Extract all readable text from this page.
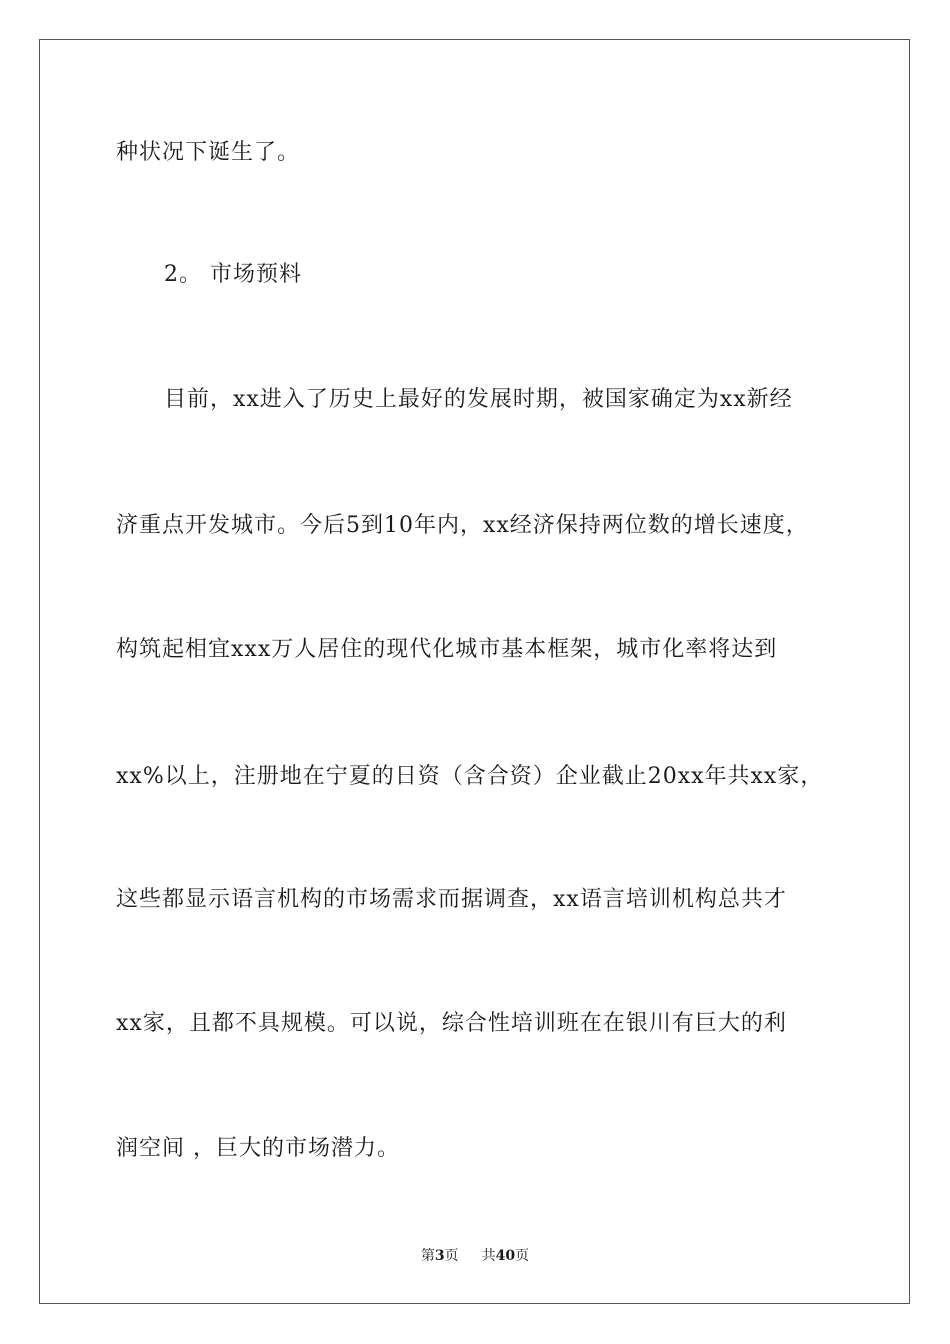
种状况下诞生了。
2。 市场预料
目前，xx进入了历史上最好的发展时期，被国家确定为xx新经
济重点开发城市。今后5到10年内，xx经济保持两位数的增长速度，
构筑起相宜xxx万人居住的现代化城市基本框架，城市化率将达到
xx%以上，注册地在宁夏的日资（含合资）企业截止20xx年共xx家，
这些都显示语言机构的市场需求而据调查，xx语言培训机构总共才
xx家，且都不具规模。可以说，综合性培训班在在银川有巨大的利
润空间 ，巨大的市场潜力。
第3页 共40页
